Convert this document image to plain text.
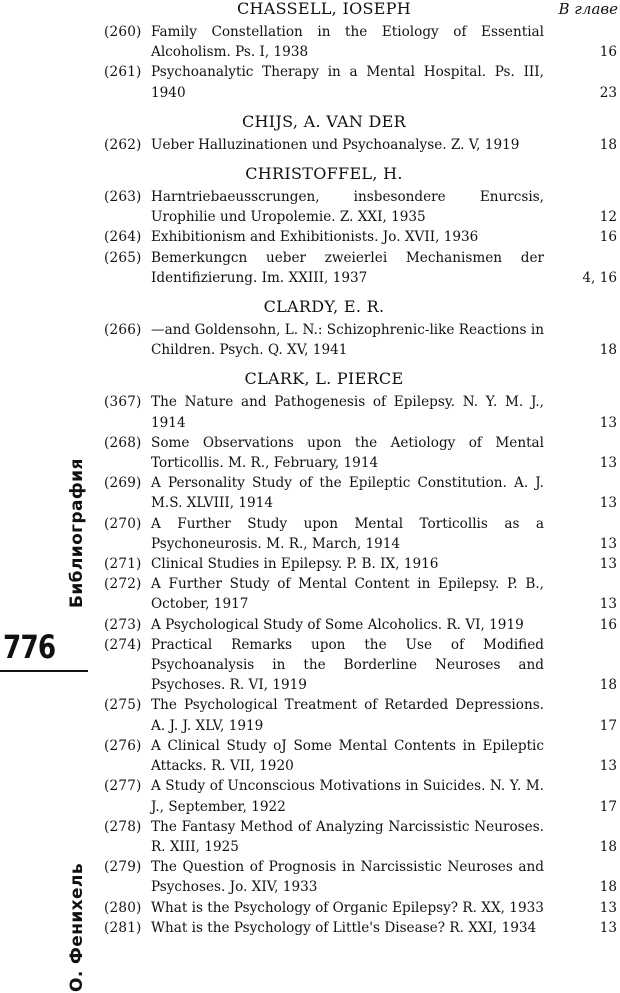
Библиография
776
О. Фенихель
В главе
CHASSELL, IOSEPH
(260) Family Constellation in the Etiology of Essential Alcoholism. Ps. I, 1938	16
(261) Psychoanalytic Therapy in a Mental Hospital. Ps. III, 1940	23
CHIJS, A. VAN DER
(262) Ueber Halluzinationen und Psychoanalyse. Z. V, 1919	18
CHRISTOFFEL, H.
(263) Harntriebaeusscrungen, insbesondere Enurcsis, Urophilie und Uropolemie. Z. XXI, 1935	12
(264) Exhibitionism and Exhibitionists. Jo. XVII, 1936	16
(265) Bemerkungcn ueber zweierlei Mechanismen der Identifizierung. Im. XXIII, 1937	4, 16
CLARDY, E. R.
(266) —and Goldensohn, L. N.: Schizophrenic-like Reactions in Children. Psych. Q. XV, 1941	18
CLARK, L. PIERCE
(367) The Nature and Pathogenesis of Epilepsy. N. Y. M. J., 1914	13
(268) Some Observations upon the Aetiology of Mental Torticollis. M. R., February, 1914	13
(269) A Personality Study of the Epileptic Constitution. A. J. M.S. XLVIII, 1914	13
(270) A Further Study upon Mental Torticollis as a Psychoneurosis. M. R., March, 1914	13
(271) Clinical Studies in Epilepsy. P. B. IX, 1916	13
(272) A Further Study of Mental Content in Epilepsy. P. B., October, 1917	13
(273) A Psychological Study of Some Alcoholics. R. VI, 1919	16
(274) Practical Remarks upon the Use of Modified Psychoanalysis in the Borderline Neuroses and Psychoses. R. VI, 1919	18
(275) The Psychological Treatment of Retarded Depressions. A. J. J. XLV, 1919	17
(276) A Clinical Study oJ Some Mental Contents in Epileptic Attacks. R. VII, 1920	13
(277) A Study of Unconscious Motivations in Suicides. N. Y. M. J., September, 1922	17
(278) The Fantasy Method of Analyzing Narcissistic Neuroses. R. XIII, 1925	18
(279) The Question of Prognosis in Narcissistic Neuroses and Psychoses. Jo. XIV, 1933	18
(280) What is the Psychology of Organic Epilepsy? R. XX, 1933	13
(281) What is the Psychology of Little's Disease? R. XXI, 1934	13
